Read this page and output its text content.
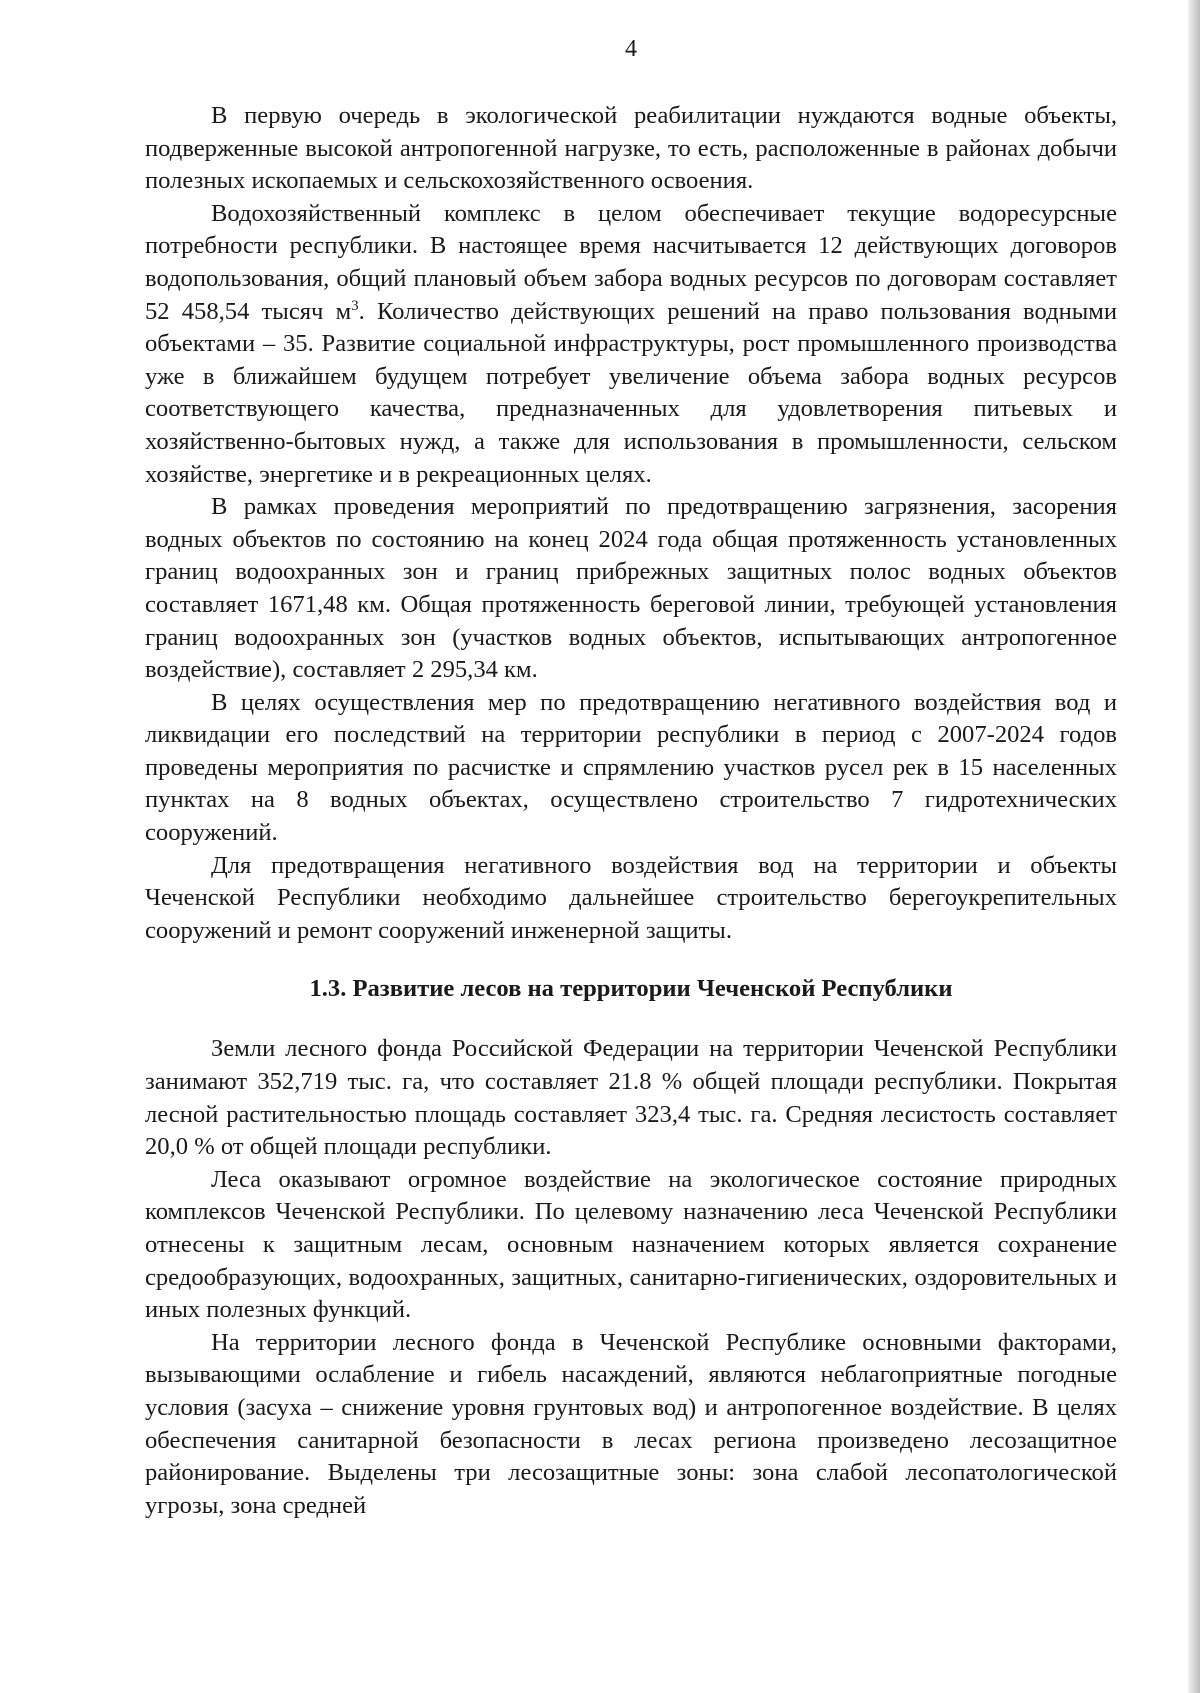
4

В первую очередь в экологической реабилитации нуждаются водные объекты, подверженные высокой антропогенной нагрузке, то есть, расположенные в районах добычи полезных ископаемых и сельскохозяйственного освоения.

Водохозяйственный комплекс в целом обеспечивает текущие водоресурсные потребности республики. В настоящее время насчитывается 12 действующих договоров водопользования, общий плановый объем забора водных ресурсов по договорам составляет 52 458,54 тысяч $м^3$. Количество действующих решений на право пользования водными объектами – 35. Развитие социальной инфраструктуры, рост промышленного производства уже в ближайшем будущем потребует увеличение объема забора водных ресурсов соответствующего качества, предназначенных для удовлетворения питьевых и хозяйственно-бытовых нужд, а также для использования в промышленности, сельском хозяйстве, энергетике и в рекреационных целях.

В рамках проведения мероприятий по предотвращению загрязнения, засорения водных объектов по состоянию на конец 2024 года общая протяженность установленных границ водоохранных зон и границ прибрежных защитных полос водных объектов составляет 1671,48 км. Общая протяженность береговой линии, требующей установления границ водоохранных зон (участков водных объектов, испытывающих антропогенное воздействие), составляет 2 295,34 км.

В целях осуществления мер по предотвращению негативного воздействия вод и ликвидации его последствий на территории республики в период с 2007-2024 годов проведены мероприятия по расчистке и спрямлению участков русел рек в 15 населенных пунктах на 8 водных объектах, осуществлено строительство 7 гидротехнических сооружений.

Для предотвращения негативного воздействия вод на территории и объекты Чеченской Республики необходимо дальнейшее строительство берегоукрепительных сооружений и ремонт сооружений инженерной защиты.

1.3. Развитие лесов на территории Чеченской Республики

Земли лесного фонда Российской Федерации на территории Чеченской Республики занимают 352,719 тыс. га, что составляет 21.8 % общей площади республики. Покрытая лесной растительностью площадь составляет 323,4 тыс. га. Средняя лесистость составляет 20,0 % от общей площади республики.

Леса оказывают огромное воздействие на экологическое состояние природных комплексов Чеченской Республики. По целевому назначению леса Чеченской Республики отнесены к защитным лесам, основным назначением которых является сохранение средообразующих, водоохранных, защитных, санитарно-гигиенических, оздоровительных и иных полезных функций.

На территории лесного фонда в Чеченской Республике основными факторами, вызывающими ослабление и гибель насаждений, являются неблагоприятные погодные условия (засуха – снижение уровня грунтовых вод) и антропогенное воздействие. В целях обеспечения санитарной безопасности в лесах региона произведено лесозащитное районирование. Выделены три лесозащитные зоны: зона слабой лесопатологической угрозы, зона средней
